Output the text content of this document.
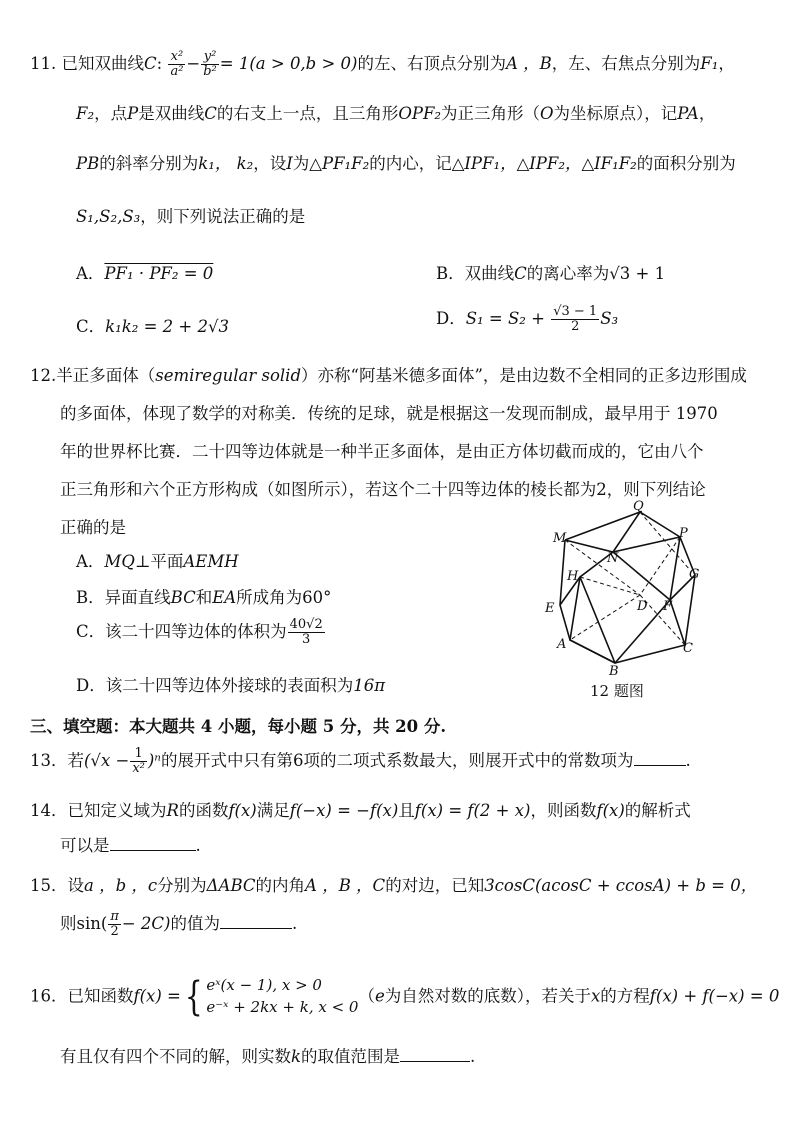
11. 已知双曲线C: $\frac{\text{x²}}{\text{a²}} - \frac{\text{y²}}{\text{b²}} = 1(a > 0,b > 0)$的左、右顶点分别为A ，B，左、右焦点分别为F₁，
F₂，点P是双曲线C的右支上一点，且三角形OPF₂为正三角形（O为坐标原点），记PA，
PB的斜率分别为k₁， k₂，设I为△PF₁F₂的内心，记△IPF₁，△IPF₂，△IF₁F₂的面积分别为
S₁,S₂,S₃，则下列说法正确的是
A．PF₁ · PF₂ = 0	B．双曲线C的离心率为√3 + 1
C．k₁k₂ = 2 + 2√3	D．$S_1 = S_2 + \frac{√3 - 1}{2} S_3$
12.半正多面体（semiregular solid）亦称“阿基米德多面体”，是由边数不全相同的正多边形围成
的多面体，体现了数学的对称美．传统的足球，就是根据这一发现而制成，最早用于 1970
年的世界杯比赛．二十四等边体就是一种半正多面体，是由正方体切截而成的，它由八个
正三角形和六个正方形构成（如图所示），若这个二十四等边体的棱长都为2，则下列结论
正确的是
A．MQ⊥平面AEMH
B．异面直线BC和EA所成角为60°
C．该二十四等边体的体积为 $\frac{40√2}{3}$
D．该二十四等边体外接球的表面积为16π
M
Q
N
P
H	G
E	D F
A	C
B
12 题图
三、填空题：本大题共 4 小题，每小题 5 分，共 20 分.
13．若$(√x - \frac{1}{\text{x²}} )^n$的展开式中只有第6项的二项式系数最大，则展开式中的常数项为	.
14．已知定义域为R的函数f(x)满足f(−x) = −f(x)且f(x) = f(2 + x)，则函数f(x)的解析式
可以是	.
15．设a ，b ，c分别为ΔABC的内角A ，B ，C的对边，已知3cosC(acosC + ccosA) + b = 0，
则$\sin( \frac{\pi}{2} - 2C)$的值为	.
16．已知函数f(x) ={ eˣ(x − 1), x > 0
e⁻ˣ + 2kx + k, x < 0
（e为自然对数的底数），若关于x的方程f(x) + f(−x) = 0
有且仅有四个不同的解，则实数k的取值范围是	.
